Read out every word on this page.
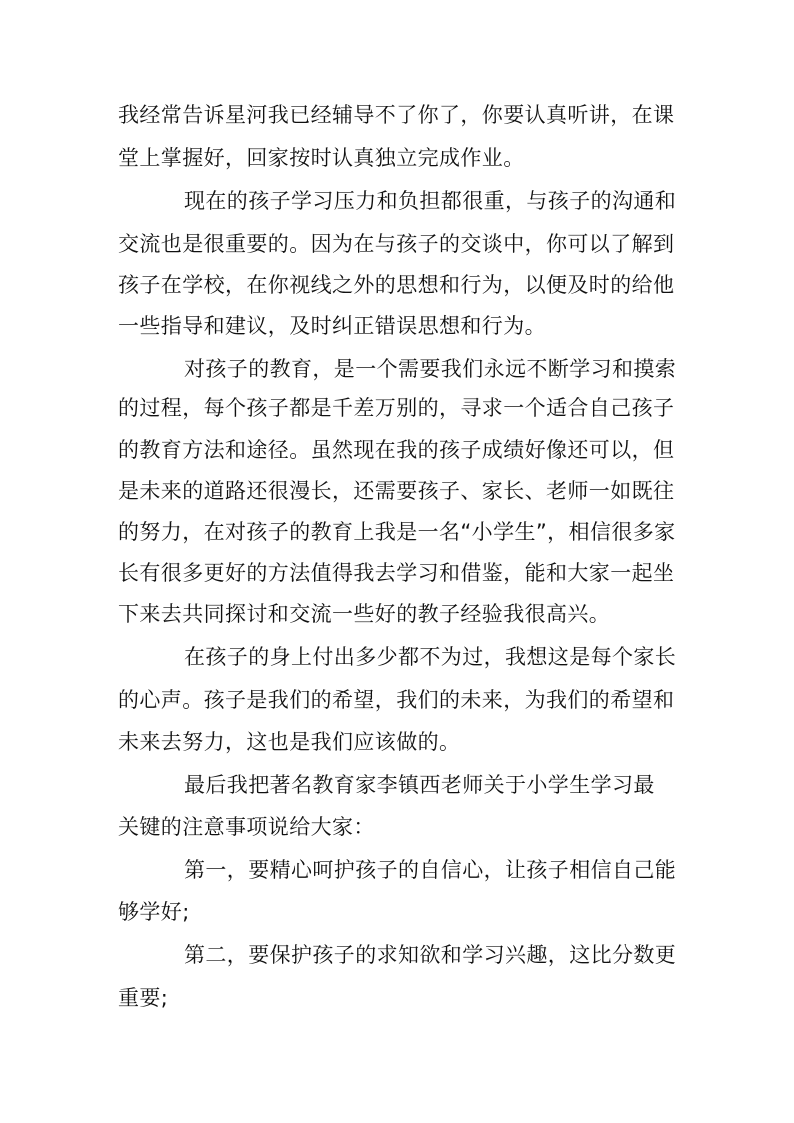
我经常告诉星河我已经辅导不了你了，你要认真听讲，在课
堂上掌握好，回家按时认真独立完成作业。
现在的孩子学习压力和负担都很重，与孩子的沟通和
交流也是很重要的。因为在与孩子的交谈中，你可以了解到
孩子在学校，在你视线之外的思想和行为，以便及时的给他
一些指导和建议，及时纠正错误思想和行为。
对孩子的教育，是一个需要我们永远不断学习和摸索
的过程，每个孩子都是千差万别的，寻求一个适合自己孩子
的教育方法和途径。虽然现在我的孩子成绩好像还可以，但
是未来的道路还很漫长，还需要孩子、家长、老师一如既往
的努力，在对孩子的教育上我是一名“小学生”，相信很多家
长有很多更好的方法值得我去学习和借鉴，能和大家一起坐
下来去共同探讨和交流一些好的教子经验我很高兴。
在孩子的身上付出多少都不为过，我想这是每个家长
的心声。孩子是我们的希望，我们的未来，为我们的希望和
未来去努力，这也是我们应该做的。
最后我把著名教育家李镇西老师关于小学生学习最
关键的注意事项说给大家：
第一，要精心呵护孩子的自信心，让孩子相信自己能
够学好;
第二，要保护孩子的求知欲和学习兴趣，这比分数更
重要;
